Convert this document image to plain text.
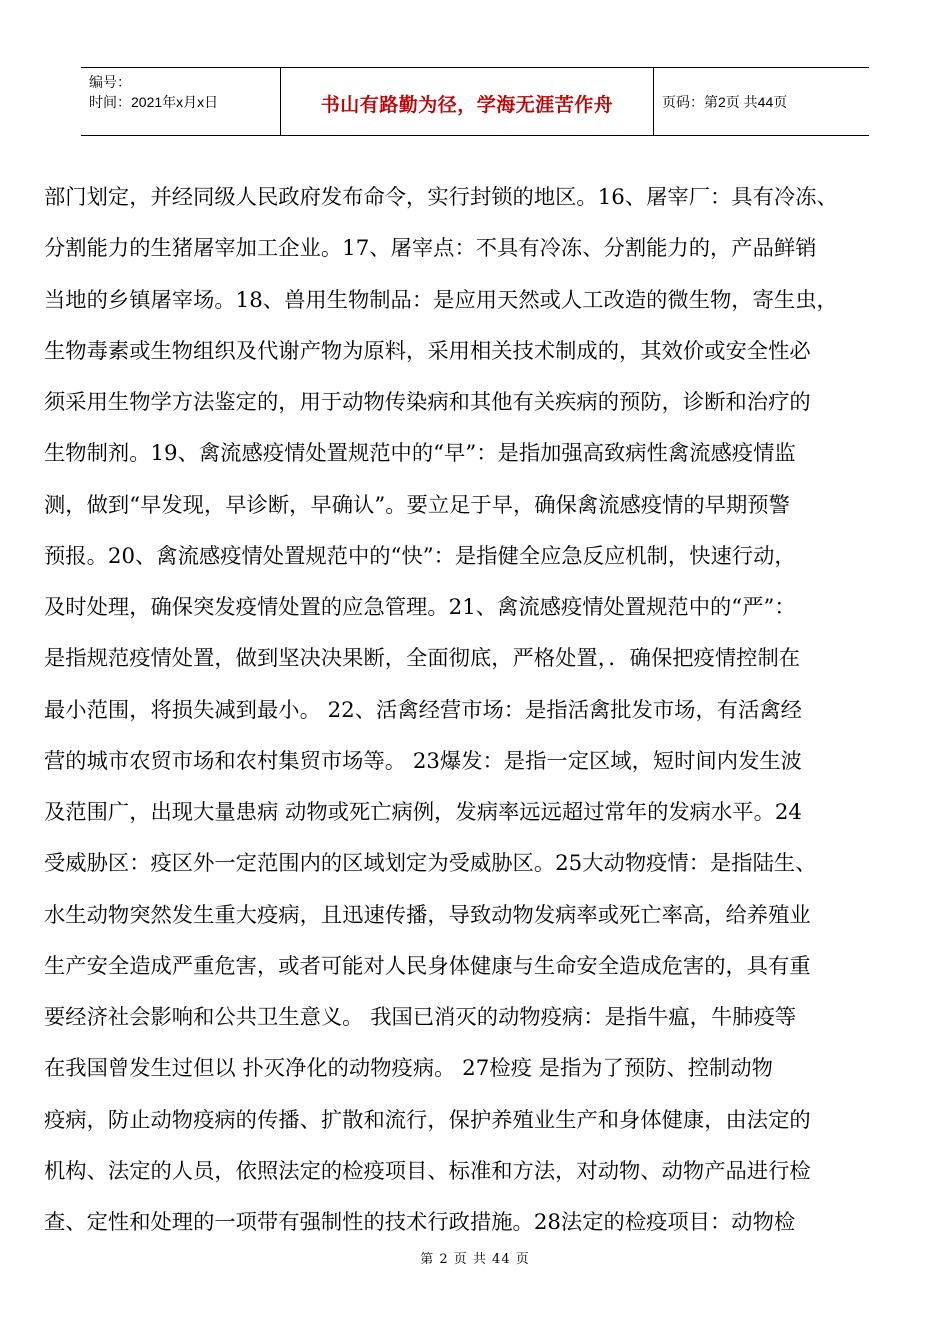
编号：
时间：2021年x月x日	书山有路勤为径，学海无涯苦作舟	页码：第2页 共44页
部门划定，并经同级人民政府发布命令，实行封锁的地区。16、屠宰厂：具有冷冻、
分割能力的生猪屠宰加工企业。17、屠宰点：不具有冷冻、分割能力的，产品鲜销
当地的乡镇屠宰场。18、兽用生物制品：是应用天然或人工改造的微生物，寄生虫，
生物毒素或生物组织及代谢产物为原料，采用相关技术制成的，其效价或安全性必
须采用生物学方法鉴定的，用于动物传染病和其他有关疾病的预防，诊断和治疗的
生物制剂。19、禽流感疫情处置规范中的“早”：是指加强高致病性禽流感疫情监
测，做到“早发现，早诊断，早确认”。要立足于早，确保禽流感疫情的早期预警
预报。20、禽流感疫情处置规范中的“快”：是指健全应急反应机制，快速行动，
及时处理，确保突发疫情处置的应急管理。21、禽流感疫情处置规范中的“严”：
是指规范疫情处置，做到坚决决果断，全面彻底，严格处置，．确保把疫情控制在
最小范围，将损失减到最小。 22、活禽经营市场：是指活禽批发市场，有活禽经
营的城市农贸市场和农村集贸市场等。 23爆发：是指一定区域，短时间内发生波
及范围广，出现大量患病 动物或死亡病例，发病率远远超过常年的发病水平。24
受威胁区：疫区外一定范围内的区域划定为受威胁区。25大动物疫情：是指陆生、
水生动物突然发生重大疫病，且迅速传播，导致动物发病率或死亡率高，给养殖业
生产安全造成严重危害，或者可能对人民身体健康与生命安全造成危害的，具有重
要经济社会影响和公共卫生意义。 我国已消灭的动物疫病：是指牛瘟，牛肺疫等
在我国曾发生过但以 扑灭净化的动物疫病。 27检疫 是指为了预防、控制动物
疫病，防止动物疫病的传播、扩散和流行，保护养殖业生产和身体健康，由法定的
机构、法定的人员，依照法定的检疫项目、标准和方法，对动物、动物产品进行检
查、定性和处理的一项带有强制性的技术行政措施。28法定的检疫项目：动物检
第 2 页 共 44 页
